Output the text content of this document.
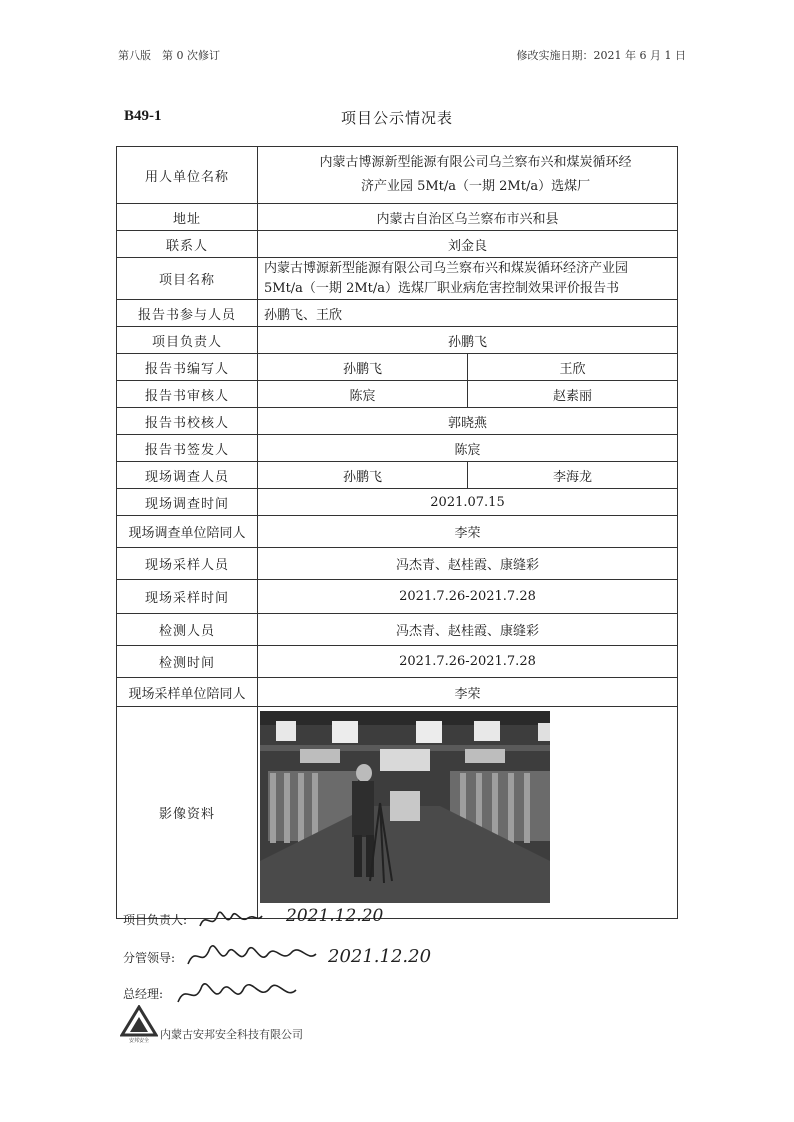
第八版　第 0 次修订	修改实施日期：2021 年 6 月 1 日
B49-1	项目公示情况表
用人单位名称	内蒙古博源新型能源有限公司乌兰察布兴和煤炭循环经济产业园 5Mt/a（一期 2Mt/a）选煤厂	
地址	内蒙古自治区乌兰察布市兴和县	
联系人	刘金良	
项目名称	内蒙古博源新型能源有限公司乌兰察布兴和煤炭循环经济产业园 5Mt/a（一期 2Mt/a）选煤厂职业病危害控制效果评价报告书	
报告书参与人员	孙鹏飞、王欣	
项目负责人	孙鹏飞	
报告书编写人	孙鹏飞	王欣
报告书审核人	陈宸	赵素丽
报告书校核人	郭晓燕	
报告书签发人	陈宸	
现场调查人员	孙鹏飞	李海龙
现场调查时间	2021.07.15	
现场调查单位陪同人	李荣	
现场采样人员	冯杰青、赵桂霞、康缝彩	
现场采样时间	2021.7.26-2021.7.28	
检测人员	冯杰青、赵桂霞、康缝彩	
检测时间	2021.7.26-2021.7.28	
现场采样单位陪同人	李荣	
影像资料	
项目负责人:	2021.12.20
分管领导:	2021.12.20
总经理:
安邦安全 内蒙古安邦安全科技有限公司
